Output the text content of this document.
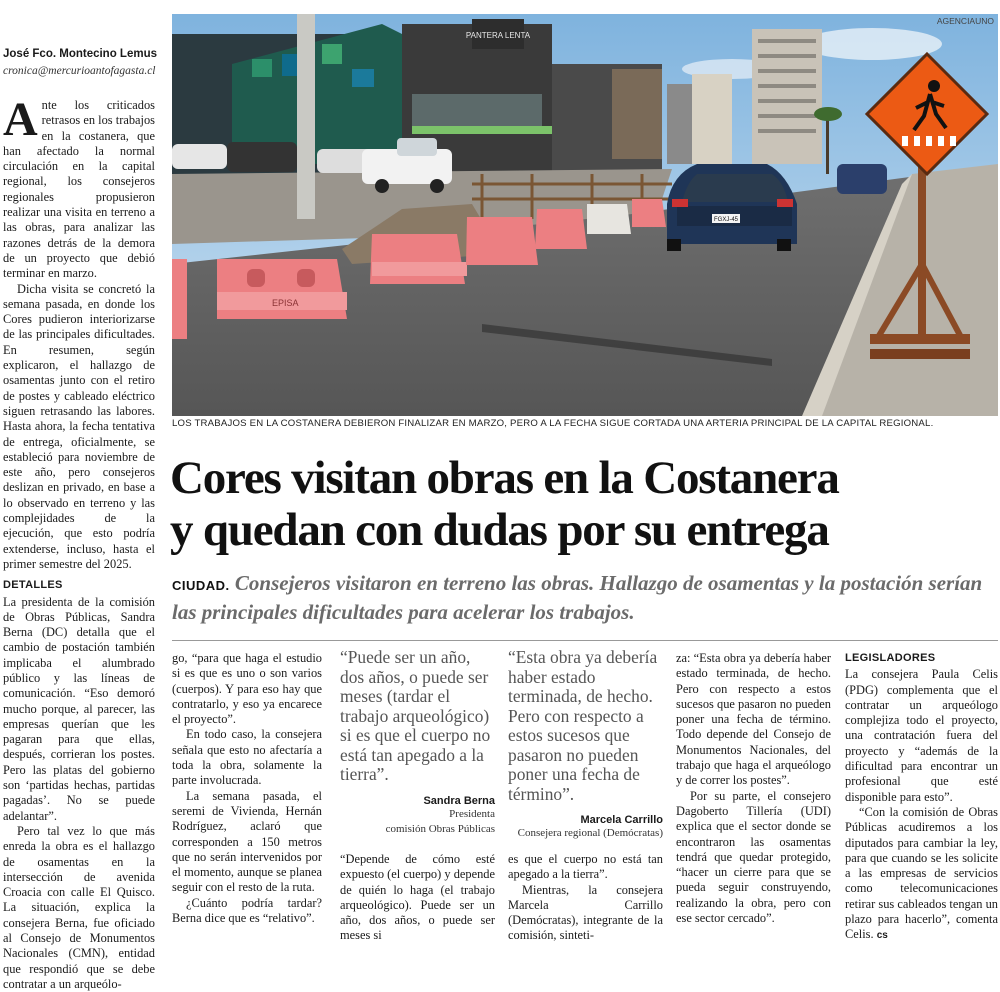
José Fco. Montecino Lemus
cronica@mercurioantofagasta.cl

Ante los criticados retrasos en los trabajos en la costanera, que han afectado la normal circulación en la capital regional, los consejeros regionales propusieron realizar una visita en terreno a las obras, para analizar las razones detrás de la demora de un proyecto que debió terminar en marzo.

Dicha visita se concretó la semana pasada, en donde los Cores pudieron interiorizarse de las principales dificultades. En resumen, según explicaron, el hallazgo de osamentas junto con el retiro de postes y cableado eléctrico siguen retrasando las labores. Hasta ahora, la fecha tentativa de entrega, oficialmente, se estableció para noviembre de este año, pero consejeros deslizan en privado, en base a lo observado en terreno y las complejidades de la ejecución, que esto podría extenderse, incluso, hasta el primer semestre del 2025.

DETALLES

La presidenta de la comisión de Obras Públicas, Sandra Berna (DC) detalla que el cambio de postación también implicaba el alumbrado público y las líneas de comunicación. “Eso demoró mucho porque, al parecer, las empresas querían que les pagaran para que ellas, después, corrieran los postes. Pero las platas del gobierno son ‘partidas hechas, partidas pagadas’. No se puede adelantar”.

Pero tal vez lo que más enreda la obra es el hallazgo de osamentas en la intersección de avenida Croacia con calle El Quisco. La situación, explica la consejera Berna, fue oficiado al Consejo de Monumentos Nacionales (CMN), entidad que respondió que se debe contratar a un arqueólo-

PANTERA LENTA
EPISA
FGXJ-45
AGENCIAUNO
LOS TRABAJOS EN LA COSTANERA DEBIERON FINALIZAR EN MARZO, PERO A LA FECHA SIGUE CORTADA UNA ARTERIA PRINCIPAL DE LA CAPITAL REGIONAL.
Cores visitan obras en la Costanera
y quedan con dudas por su entrega
CIUDAD. Consejeros visitaron en terreno las obras. Hallazgo de osamentas y la postación serían las principales dificultades para acelerar los trabajos.

go, “para que haga el estudio si es que es uno o son varios (cuerpos). Y para eso hay que contratarlo, y eso ya encarece el proyecto”.

En todo caso, la consejera señala que esto no afectaría a toda la obra, solamente la parte involucrada.

La semana pasada, el seremi de Vivienda, Hernán Rodríguez, aclaró que corresponden a 150 metros que no serán intervenidos por el momento, aunque se planea seguir con el resto de la ruta.

¿Cuánto podría tardar? Berna dice que es “relativo”.

“Puede ser un año, dos años, o puede ser meses (tardar el trabajo arqueológico) si es que el cuerpo no está tan apegado a la tierra”.
Sandra Berna
Presidenta
comisión Obras Públicas

“Depende de cómo esté expuesto (el cuerpo) y depende de quién lo haga (el trabajo arqueológico). Puede ser un año, dos años, o puede ser meses si

“Esta obra ya debería haber estado terminada, de hecho. Pero con respecto a estos sucesos que pasaron no pueden poner una fecha de término”.
Marcela Carrillo
Consejera regional (Demócratas)

es que el cuerpo no está tan apegado a la tierra”.

Mientras, la consejera Marcela Carrillo (Demócratas), integrante de la comisión, sinteti-

za: “Esta obra ya debería haber estado terminada, de hecho. Pero con respecto a estos sucesos que pasaron no pueden poner una fecha de término. Todo depende del Consejo de Monumentos Nacionales, del trabajo que haga el arqueólogo y de correr los postes”.

Por su parte, el consejero Dagoberto Tillería (UDI) explica que el sector donde se encontraron las osamentas tendrá que quedar protegido, “hacer un cierre para que se pueda seguir construyendo, realizando la obra, pero con ese sector cercado”.

LEGISLADORES

La consejera Paula Celis (PDG) complementa que el contratar un arqueólogo complejiza todo el proyecto, una contratación fuera del proyecto y “además de la dificultad para encontrar un profesional que esté disponible para esto”.

“Con la comisión de Obras Públicas acudiremos a los diputados para cambiar la ley, para que cuando se les solicite a las empresas de servicios como telecomunicaciones retirar sus cableados tengan un plazo para hacerlo”, comenta Celis. cs
